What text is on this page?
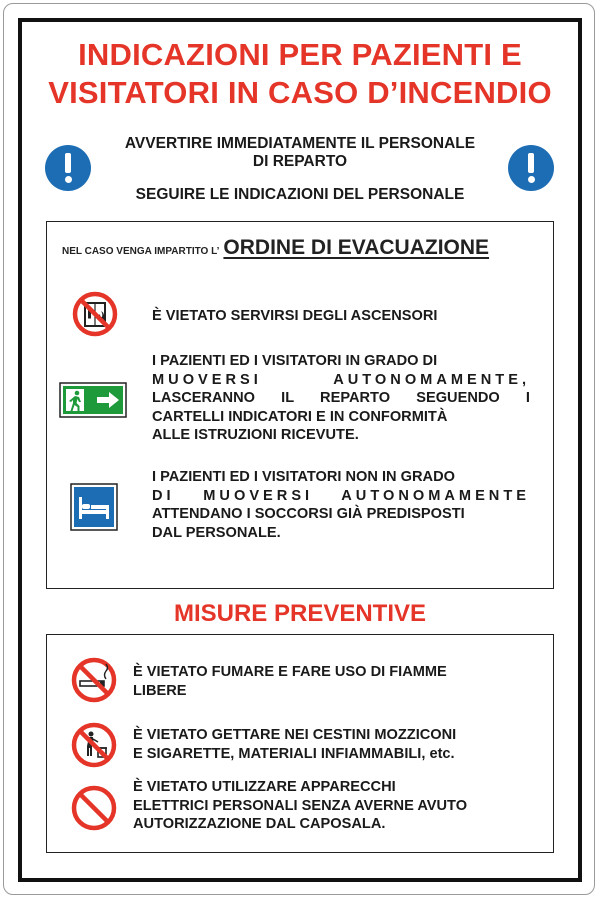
INDICAZIONI PER PAZIENTI E
VISITATORI IN CASO D’INCENDIO
AVVERTIRE IMMEDIATAMENTE IL PERSONALE
DI REPARTO
SEGUIRE LE INDICAZIONI DEL PERSONALE
NEL CASO VENGA IMPARTITO L’ ORDINE DI EVACUAZIONE
È VIETATO SERVIRSI DEGLI ASCENSORI
I PAZIENTI ED I VISITATORI IN GRADO DI
MUOVERSI AUTONOMAMENTE,
LASCERANNO IL REPARTO SEGUENDO I
CARTELLI INDICATORI E IN CONFORMITÀ
ALLE ISTRUZIONI RICEVUTE.
I PAZIENTI ED I VISITATORI NON IN GRADO
DI MUOVERSI AUTONOMAMENTE
ATTENDANO I SOCCORSI GIÀ PREDISPOSTI
DAL PERSONALE.
MISURE PREVENTIVE
È VIETATO FUMARE E FARE USO DI FIAMME
LIBERE
È VIETATO GETTARE NEI CESTINI MOZZICONI
E SIGARETTE, MATERIALI INFIAMMABILI, etc.
È VIETATO UTILIZZARE APPARECCHI
ELETTRICI PERSONALI SENZA AVERNE AVUTO
AUTORIZZAZIONE DAL CAPOSALA.
